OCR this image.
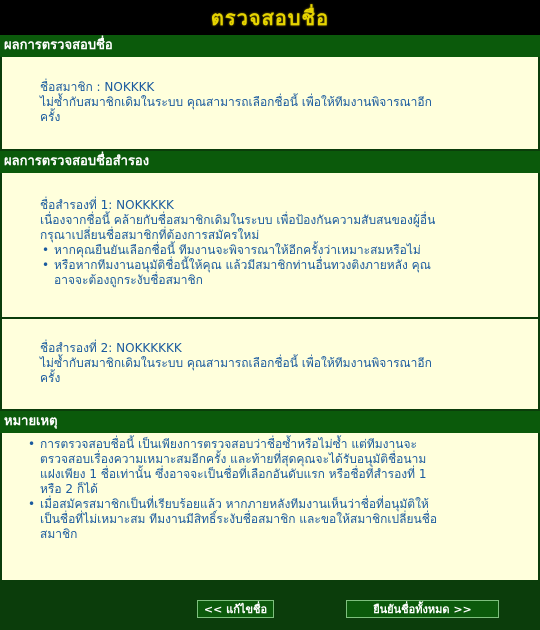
ตรวจสอบชื่อ
ผลการตรวจสอบชื่อ
ชื่อสมาชิก : NOKKKK
ไม่ซ้ำกับสมาชิกเดิมในระบบ คุณสามารถเลือกชื่อนี้ เพื่อให้ทีมงานพิจารณาอีก
ครั้ง
ผลการตรวจสอบชื่อสำรอง
ชื่อสำรองที่ 1: NOKKKKK
เนื่องจากชื่อนี้ คล้ายกับชื่อสมาชิกเดิมในระบบ เพื่อป้องกันความสับสนของผู้อื่น
กรุณาเปลี่ยนชื่อสมาชิกที่ต้องการสมัครใหม่
• หากคุณยืนยันเลือกชื่อนี้ ทีมงานจะพิจารณาให้อีกครั้งว่าเหมาะสมหรือไม่
• หรือหากทีมงานอนุมัติชื่อนี้ให้คุณ แล้วมีสมาชิกท่านอื่นทวงติงภายหลัง คุณ
อาจจะต้องถูกระงับชื่อสมาชิก
ชื่อสำรองที่ 2: NOKKKKKK
ไม่ซ้ำกับสมาชิกเดิมในระบบ คุณสามารถเลือกชื่อนี้ เพื่อให้ทีมงานพิจารณาอีก
ครั้ง
หมายเหตุ

• การตรวจสอบชื่อนี้ เป็นเพียงการตรวจสอบว่าชื่อซ้ำหรือไม่ซ้ำ แต่ทีมงานจะ
ตรวจสอบเรื่องความเหมาะสมอีกครั้ง และท้ายที่สุดคุณจะได้รับอนุมัติชื่อนาม
แฝงเพียง 1 ชื่อเท่านั้น ซึ่งอาจจะเป็นชื่อที่เลือกอันดับแรก หรือชื่อที่สำรองที่ 1
หรือ 2 ก็ได้

• เมื่อสมัครสมาชิกเป็นที่เรียบร้อยแล้ว หากภายหลังทีมงานเห็นว่าชื่อที่อนุมัติให้
เป็นชื่อที่ไม่เหมาะสม ทีมงานมีสิทธิ์ระงับชื่อสมาชิก และขอให้สมาชิกเปลี่ยนชื่อ
สมาชิก

<< แก้ไขชื่อ	ยืนยันชื่อทั้งหมด >>
